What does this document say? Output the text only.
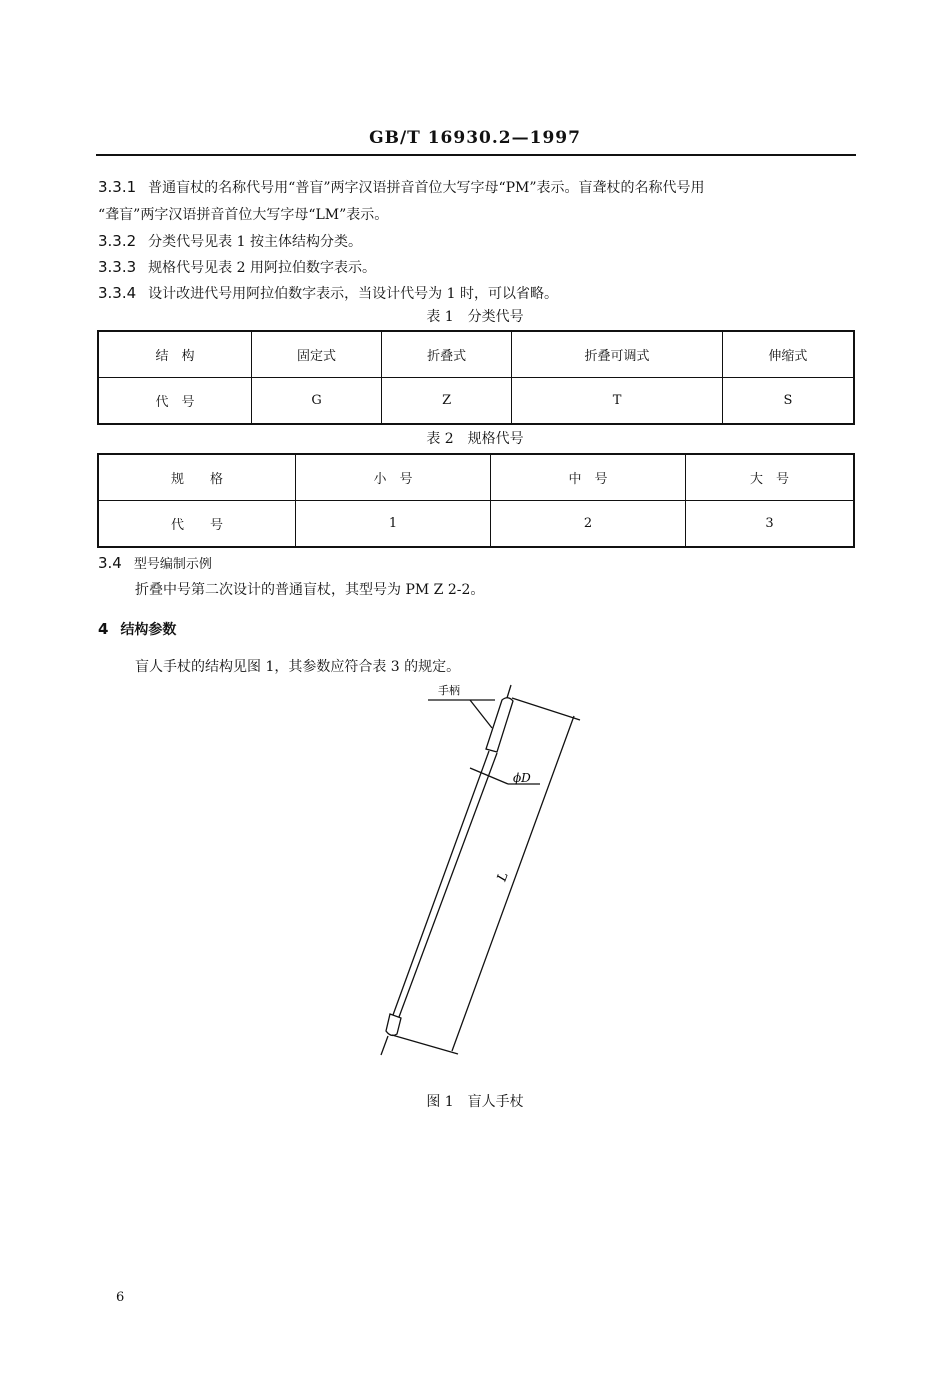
GB/T 16930.2—1997
3.3.1 普通盲杖的名称代号用“普盲”两字汉语拼音首位大写字母“PM”表示。盲聋杖的名称代号用
“聋盲”两字汉语拼音首位大写字母“LM”表示。
3.3.2 分类代号见表 1 按主体结构分类。
3.3.3 规格代号见表 2 用阿拉伯数字表示。
3.3.4 设计改进代号用阿拉伯数字表示，当设计代号为 1 时，可以省略。
表 1　分类代号
结　构	固定式	折叠式	折叠可调式	伸缩式
代　号	G	Z	T	S
表 2　规格代号
规　　格	小　号	中　号	大　号
代　　号	1	2	3
3.4 型号编制示例
折叠中号第二次设计的普通盲杖，其型号为 PM Z 2-2。
4 结构参数
盲人手杖的结构见图 1，其参数应符合表 3 的规定。
手柄
ϕD
L
图 1　盲人手杖
6
